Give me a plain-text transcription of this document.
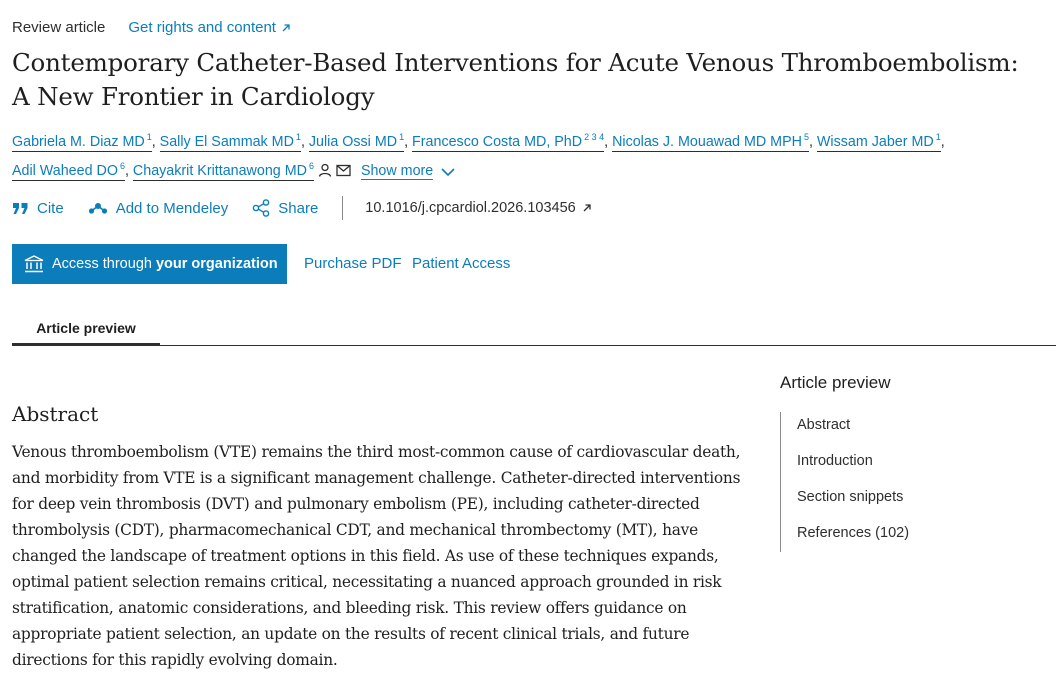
Review article Get rights and content
Contemporary Catheter-Based Interventions for Acute Venous Thromboembolism: A New Frontier in Cardiology
Gabriela M. Diaz MD $^1$, Sally El Sammak MD $^1$, Julia Ossi MD $^1$, Francesco Costa MD, PhD $^{2 3 4}$, Nicolas J. Mouawad MD MPH $^5$, Wissam Jaber MD $^1$,
Adil Waheed DO $^6$, Chayakrit Krittanawong MD $^6$	Show more
Cite	Add to Mendeley	Share	10.1016/j.cpcardiol.2026.103456
Access through your organization Purchase PDF Patient Access
Article preview
Abstract

Venous thromboembolism (VTE) remains the third most-common cause of cardiovascular death, and morbidity from VTE is a significant management challenge. Catheter-directed interventions for deep vein thrombosis (DVT) and pulmonary embolism (PE), including catheter-directed thrombolysis (CDT), pharmacomechanical CDT, and mechanical thrombectomy (MT), have changed the landscape of treatment options in this field. As use of these techniques expands, optimal patient selection remains critical, necessitating a nuanced approach grounded in risk stratification, anatomic considerations, and bleeding risk. This review offers guidance on appropriate patient selection, an update on the results of recent clinical trials, and future directions for this rapidly evolving domain.

Article preview
Abstract
Introduction
Section snippets
References (102)
